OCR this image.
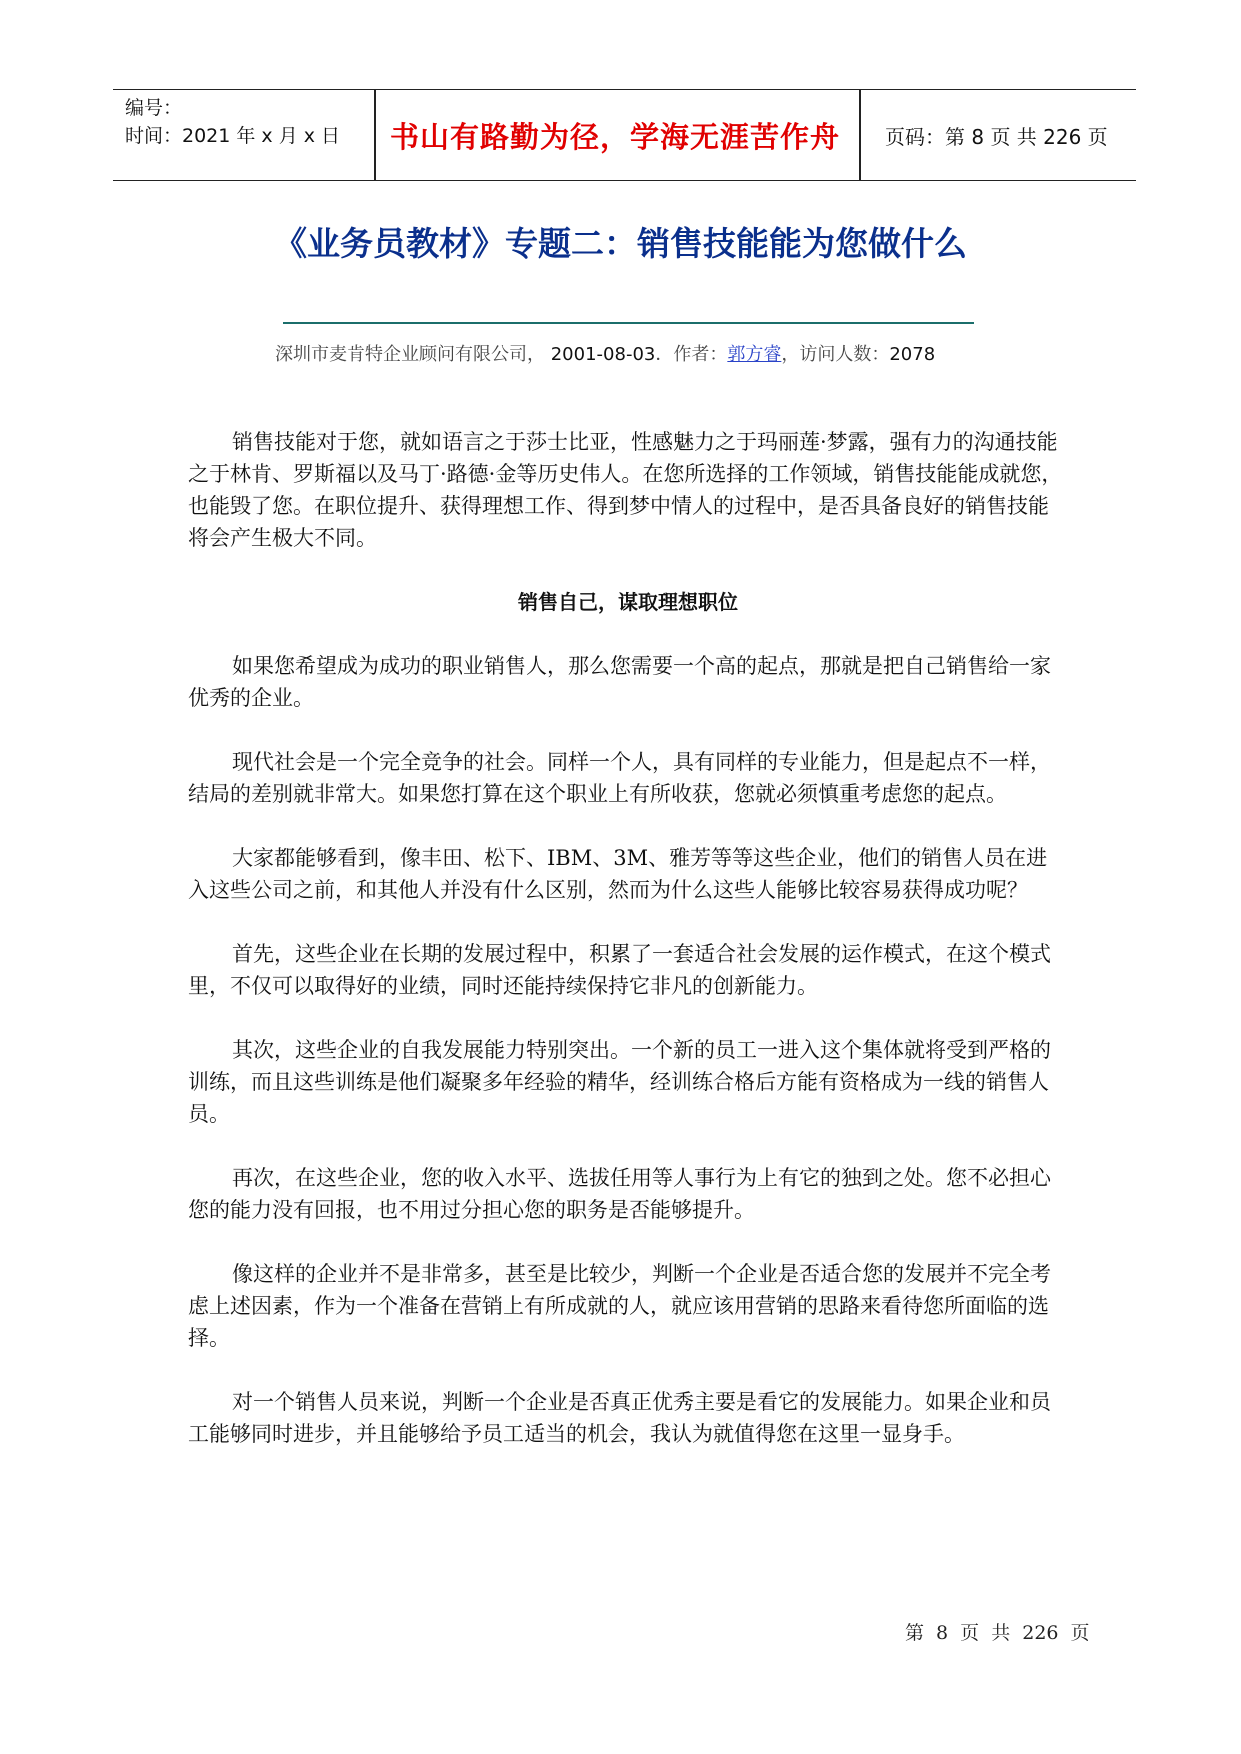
编号：
时间：2021 年 x 月 x 日	书山有路勤为径，学海无涯苦作舟	页码：第 8 页 共 226 页
《业务员教材》专题二：销售技能能为您做什么
深圳市麦肯特企业顾问有限公司， 2001-08-03．作者：郭方睿，访问人数：2078

销售技能对于您，就如语言之于莎士比亚，性感魅力之于玛丽莲·梦露，强有力的沟通技能之于林肯、罗斯福以及马丁·路德·金等历史伟人。在您所选择的工作领域，销售技能能成就您，也能毁了您。在职位提升、获得理想工作、得到梦中情人的过程中，是否具备良好的销售技能将会产生极大不同。

销售自己，谋取理想职位

如果您希望成为成功的职业销售人，那么您需要一个高的起点，那就是把自己销售给一家优秀的企业。

现代社会是一个完全竞争的社会。同样一个人，具有同样的专业能力，但是起点不一样，结局的差别就非常大。如果您打算在这个职业上有所收获，您就必须慎重考虑您的起点。

大家都能够看到，像丰田、松下、IBM、3M、雅芳等等这些企业，他们的销售人员在进入这些公司之前，和其他人并没有什么区别，然而为什么这些人能够比较容易获得成功呢？

首先，这些企业在长期的发展过程中，积累了一套适合社会发展的运作模式，在这个模式里，不仅可以取得好的业绩，同时还能持续保持它非凡的创新能力。

其次，这些企业的自我发展能力特别突出。一个新的员工一进入这个集体就将受到严格的训练，而且这些训练是他们凝聚多年经验的精华，经训练合格后方能有资格成为一线的销售人员。

再次，在这些企业，您的收入水平、选拔任用等人事行为上有它的独到之处。您不必担心您的能力没有回报，也不用过分担心您的职务是否能够提升。

像这样的企业并不是非常多，甚至是比较少，判断一个企业是否适合您的发展并不完全考虑上述因素，作为一个准备在营销上有所成就的人，就应该用营销的思路来看待您所面临的选择。

对一个销售人员来说，判断一个企业是否真正优秀主要是看它的发展能力。如果企业和员工能够同时进步，并且能够给予员工适当的机会，我认为就值得您在这里一显身手。

第 8 页 共 226 页
